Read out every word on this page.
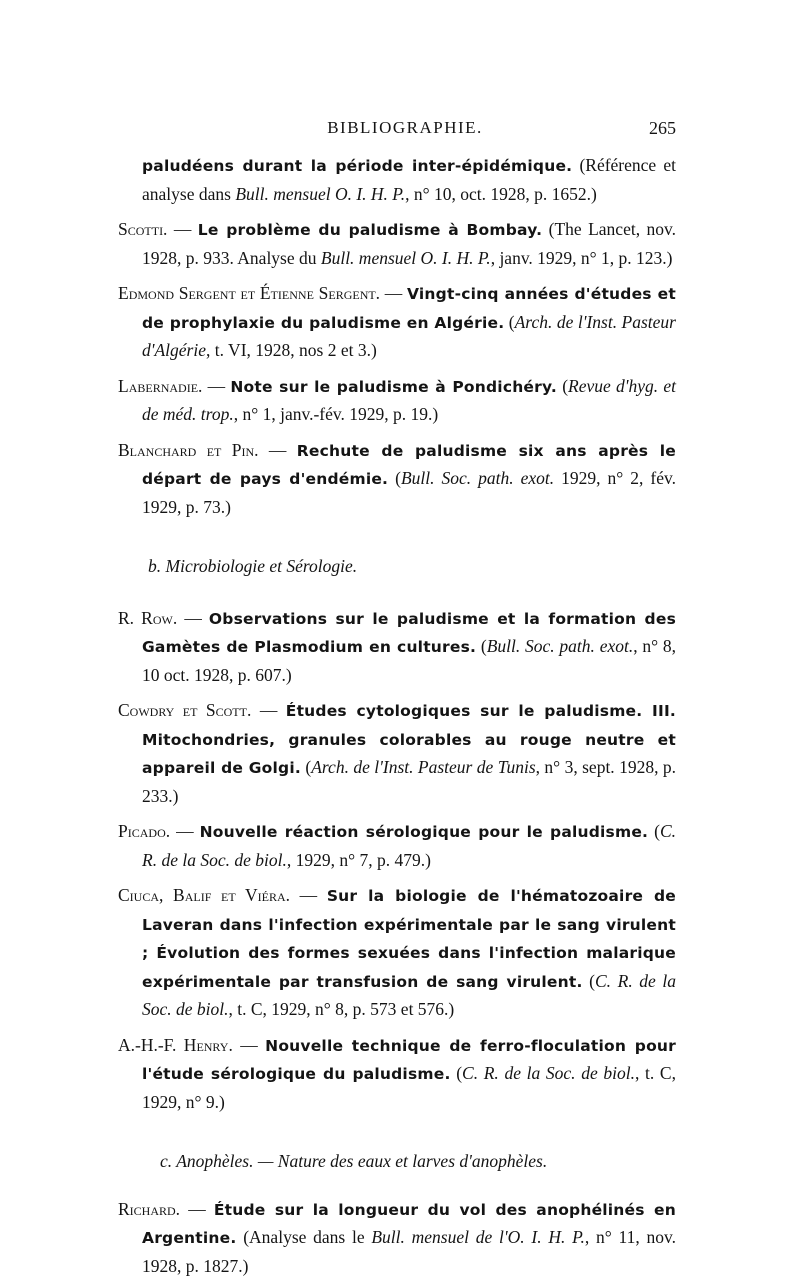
BIBLIOGRAPHIE.	265

paludéens durant la période inter-épidémique. (Référence et analyse dans Bull. mensuel O. I. H. P., n° 10, oct. 1928, p. 1652.)

Scotti. — Le problème du paludisme à Bombay. (The Lancet, nov. 1928, p. 933. Analyse du Bull. mensuel O. I. H. P., janv. 1929, n° 1, p. 123.)

Edmond Sergent et Étienne Sergent. — Vingt-cinq années d'études et de prophylaxie du paludisme en Algérie. (Arch. de l'Inst. Pasteur d'Algérie, t. VI, 1928, nos 2 et 3.)

Labernadie. — Note sur le paludisme à Pondichéry. (Revue d'hyg. et de méd. trop., n° 1, janv.-fév. 1929, p. 19.)

Blanchard et Pin. — Rechute de paludisme six ans après le départ de pays d'endémie. (Bull. Soc. path. exot. 1929, n° 2, fév. 1929, p. 73.)

b. Microbiologie et Sérologie.

R. Row. — Observations sur le paludisme et la formation des Gamètes de Plasmodium en cultures. (Bull. Soc. path. exot., n° 8, 10 oct. 1928, p. 607.)

Cowdry et Scott. — Études cytologiques sur le paludisme. III. Mitochondries, granules colorables au rouge neutre et appareil de Golgi. (Arch. de l'Inst. Pasteur de Tunis, n° 3, sept. 1928, p. 233.)

Picado. — Nouvelle réaction sérologique pour le paludisme. (C. R. de la Soc. de biol., 1929, n° 7, p. 479.)

Ciuca, Balif et Viéra. — Sur la biologie de l'hématozoaire de Laveran dans l'infection expérimentale par le sang virulent ; Évolution des formes sexuées dans l'infection malarique expérimentale par transfusion de sang virulent. (C. R. de la Soc. de biol., t. C, 1929, n° 8, p. 573 et 576.)

A.-H.-F. Henry. — Nouvelle technique de ferro-floculation pour l'étude sérologique du paludisme. (C. R. de la Soc. de biol., t. C, 1929, n° 9.)

c. Anophèles. — Nature des eaux et larves d'anophèles.

Richard. — Étude sur la longueur du vol des anophélinés en Argentine. (Analyse dans le Bull. mensuel de l'O. I. H. P., n° 11, nov. 1928, p. 1827.)
